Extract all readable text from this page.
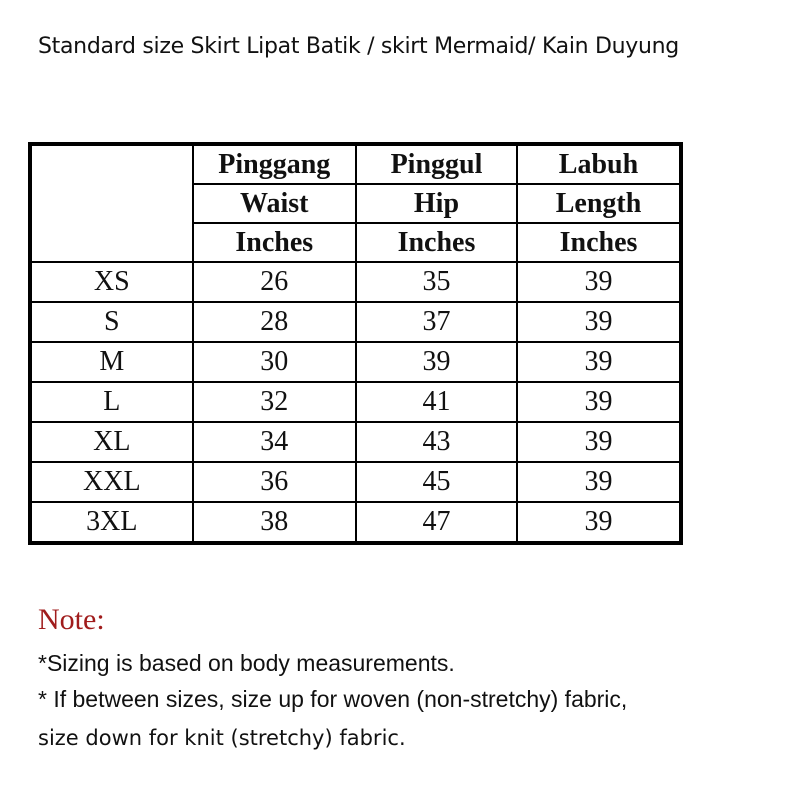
Standard size Skirt Lipat Batik / skirt Mermaid/ Kain Duyung
	Pinggang	Pinggul	Labuh
	Waist	Hip	Length
	Inches	Inches	Inches
XS	26	35	39
S	28	37	39
M	30	39	39
L	32	41	39
XL	34	43	39
XXL	36	45	39
3XL	38	47	39
Note:
*Sizing is based on body measurements.
* If between sizes, size up for woven (non-stretchy) fabric,
size down for knit (stretchy) fabric.
